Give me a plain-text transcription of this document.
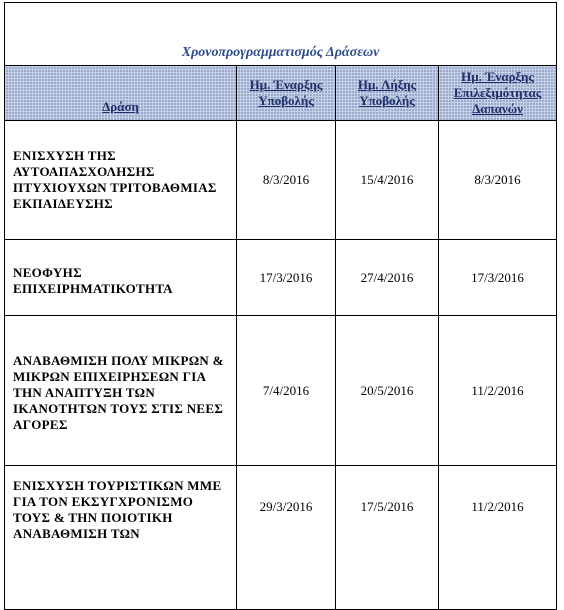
Χρονοπρογραμματισμός Δράσεων			
Δράση	Ημ. Έναρξης Υποβολής	Ημ. Λήξης Υποβολής	Ημ. Έναρξης Επιλεξιμότητας Δαπανών
ΕΝΙΣΧΥΣΗ ΤΗΣ ΑΥΤΟΑΠΑΣΧΟΛΗΣΗΣ ΠΤΥΧΙΟΥΧΩΝ ΤΡΙΤΟΒΑΘΜΙΑΣ ΕΚΠΑΙΔΕΥΣΗΣ	8/3/2016	15/4/2016	8/3/2016
ΝΕΟΦΥΗΣ ΕΠΙΧΕΙΡΗΜΑΤΙΚΟΤΗΤΑ	17/3/2016	27/4/2016	17/3/2016
ΑΝΑΒΑΘΜΙΣΗ ΠΟΛΥ ΜΙΚΡΩΝ & ΜΙΚΡΩΝ ΕΠΙΧΕΙΡΗΣΕΩΝ ΓΙΑ ΤΗΝ ΑΝΑΠΤΥΞΗ ΤΩΝ ΙΚΑΝΟΤΗΤΩΝ ΤΟΥΣ ΣΤΙΣ ΝΕΕΣ ΑΓΟΡΕΣ	7/4/2016	20/5/2016	11/2/2016
ΕΝΙΣΧΥΣΗ ΤΟΥΡΙΣΤΙΚΩΝ ΜΜΕ ΓΙΑ ΤΟΝ ΕΚΣΥΓΧΡΟΝΙΣΜΟ ΤΟΥΣ & ΤΗΝ ΠΟΙΟΤΙΚΗ ΑΝΑΒΑΘΜΙΣΗ ΤΩΝ	29/3/2016	17/5/2016	11/2/2016
